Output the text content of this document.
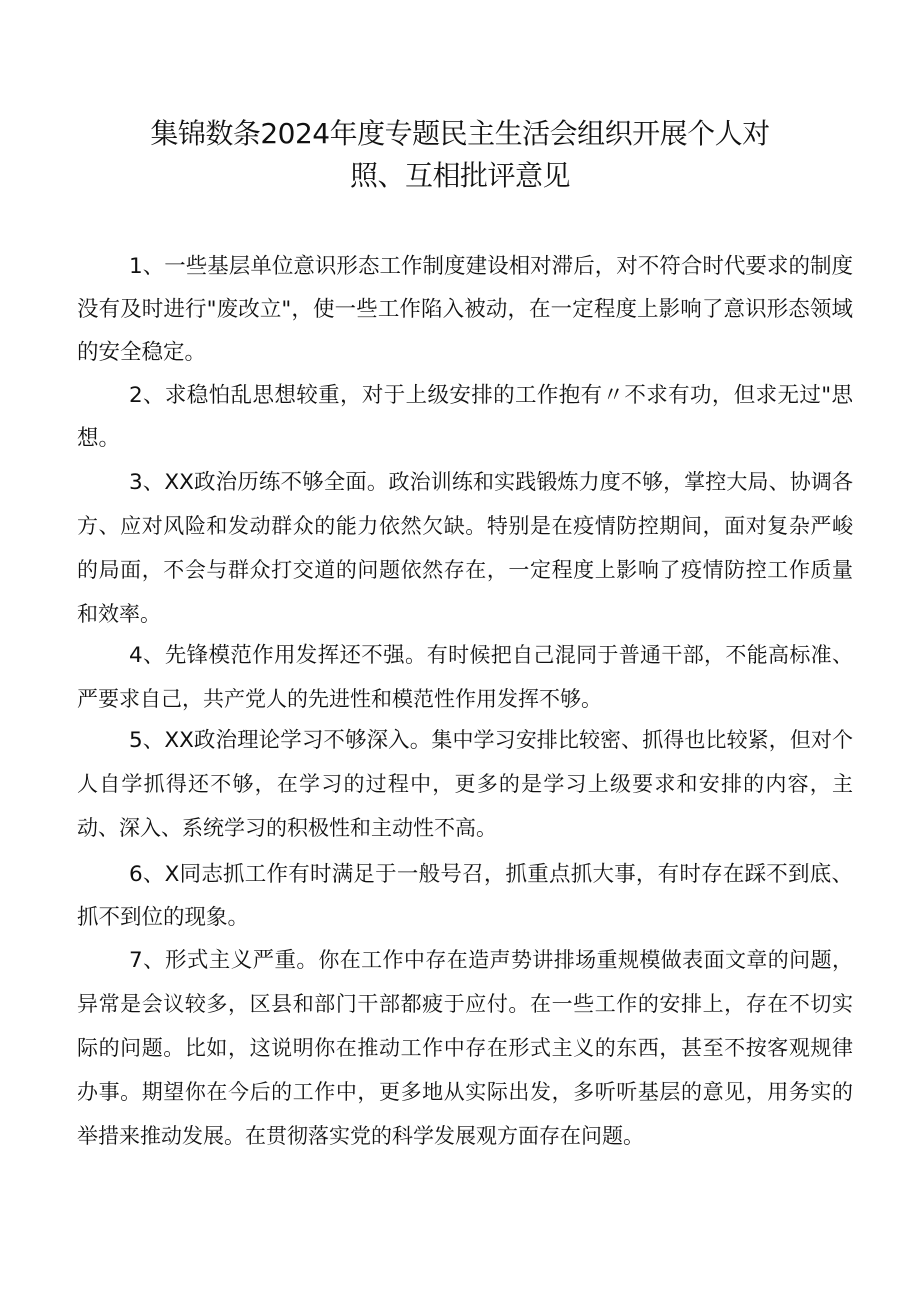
集锦数条2024年度专题民主生活会组织开展个人对
照、互相批评意见

1、一些基层单位意识形态工作制度建设相对滞后，对不符合时代要求的制度没有及时进行"废改立"，使一些工作陷入被动，在一定程度上影响了意识形态领域的安全稳定。

2、求稳怕乱思想较重，对于上级安排的工作抱有〃不求有功，但求无过"思想。

3、XX政治历练不够全面。政治训练和实践锻炼力度不够，掌控大局、协调各方、应对风险和发动群众的能力依然欠缺。特别是在疫情防控期间，面对复杂严峻的局面，不会与群众打交道的问题依然存在，一定程度上影响了疫情防控工作质量和效率。

4、先锋模范作用发挥还不强。有时候把自己混同于普通干部，不能高标准、严要求自己，共产党人的先进性和模范性作用发挥不够。

5、XX政治理论学习不够深入。集中学习安排比较密、抓得也比较紧，但对个人自学抓得还不够，在学习的过程中，更多的是学习上级要求和安排的内容，主动、深入、系统学习的积极性和主动性不高。

6、X同志抓工作有时满足于一般号召，抓重点抓大事，有时存在踩不到底、抓不到位的现象。

7、形式主义严重。你在工作中存在造声势讲排场重规模做表面文章的问题，异常是会议较多，区县和部门干部都疲于应付。在一些工作的安排上，存在不切实际的问题。比如，这说明你在推动工作中存在形式主义的东西，甚至不按客观规律办事。期望你在今后的工作中，更多地从实际出发，多听听基层的意见，用务实的举措来推动发展。在贯彻落实党的科学发展观方面存在问题。
